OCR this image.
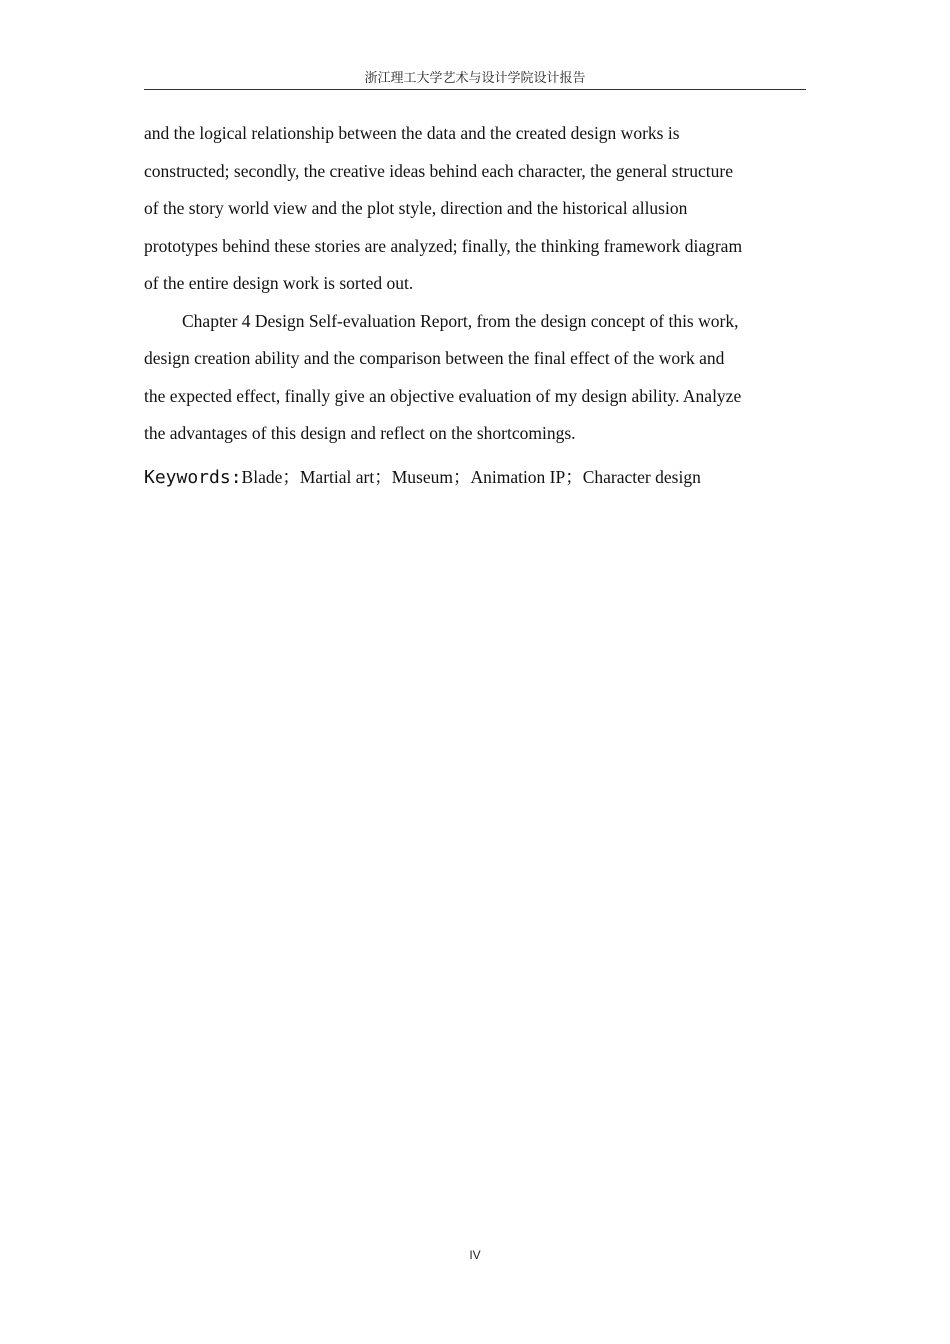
浙江理工大学艺术与设计学院设计报告
and the logical relationship between the data and the created design works is
constructed; secondly, the creative ideas behind each character, the general structure
of the story world view and the plot style, direction and the historical allusion
prototypes behind these stories are analyzed; finally, the thinking framework diagram
of the entire design work is sorted out.
Chapter 4 Design Self-evaluation Report, from the design concept of this work,
design creation ability and the comparison between the final effect of the work and
the expected effect, finally give an objective evaluation of my design ability. Analyze
the advantages of this design and reflect on the shortcomings.
Keywords:Blade；Martial art；Museum；Animation IP；Character design
IV
